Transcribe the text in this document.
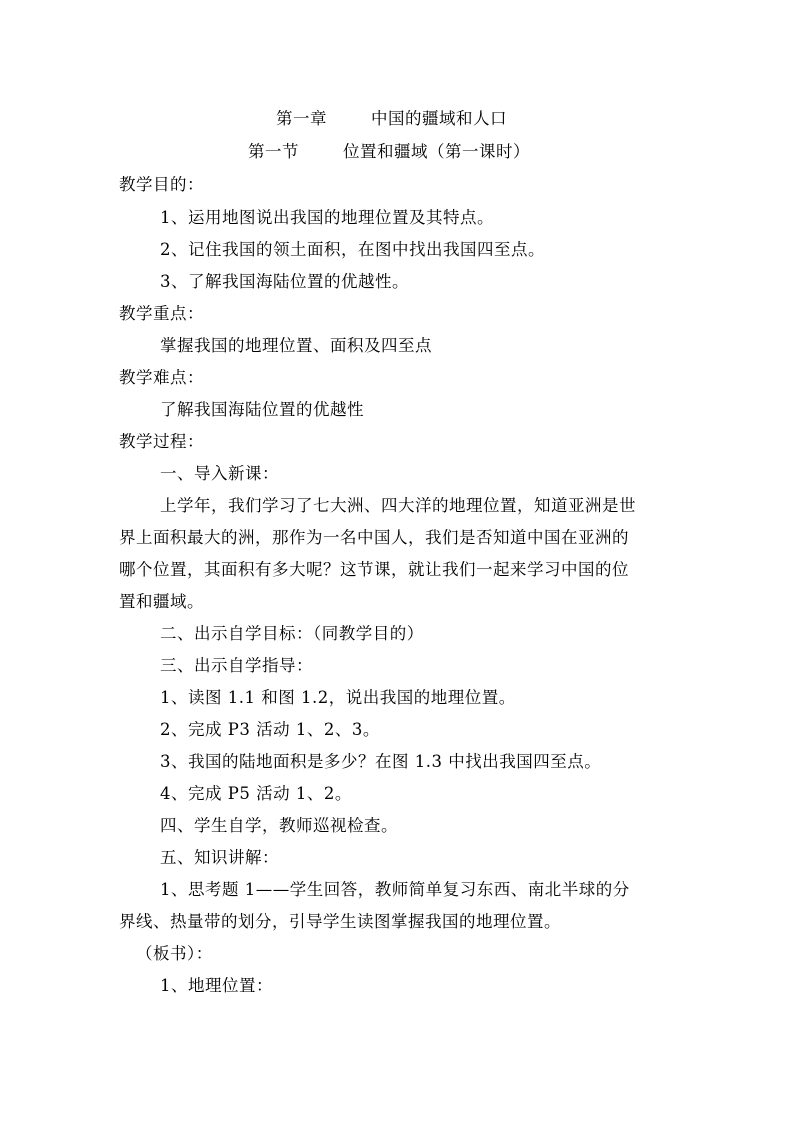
第一章	中国的疆域和人口
第一节	位置和疆域（第一课时）
教学目的：
1、运用地图说出我国的地理位置及其特点。
2、记住我国的领土面积，在图中找出我国四至点。
3、了解我国海陆位置的优越性。
教学重点：
掌握我国的地理位置、面积及四至点
教学难点：
了解我国海陆位置的优越性
教学过程：
一、导入新课：
上学年，我们学习了七大洲、四大洋的地理位置，知道亚洲是世
界上面积最大的洲，那作为一名中国人，我们是否知道中国在亚洲的
哪个位置，其面积有多大呢？这节课，就让我们一起来学习中国的位
置和疆域。
二、出示自学目标：（同教学目的）
三、出示自学指导：
1、读图 1.1 和图 1.2，说出我国的地理位置。
2、完成 P3 活动 1、2、3。
3、我国的陆地面积是多少？在图 1.3 中找出我国四至点。
4、完成 P5 活动 1、2。
四、学生自学，教师巡视检查。
五、知识讲解：
1、思考题 1——学生回答，教师简单复习东西、南北半球的分
界线、热量带的划分，引导学生读图掌握我国的地理位置。
（板书）：
1、地理位置：
